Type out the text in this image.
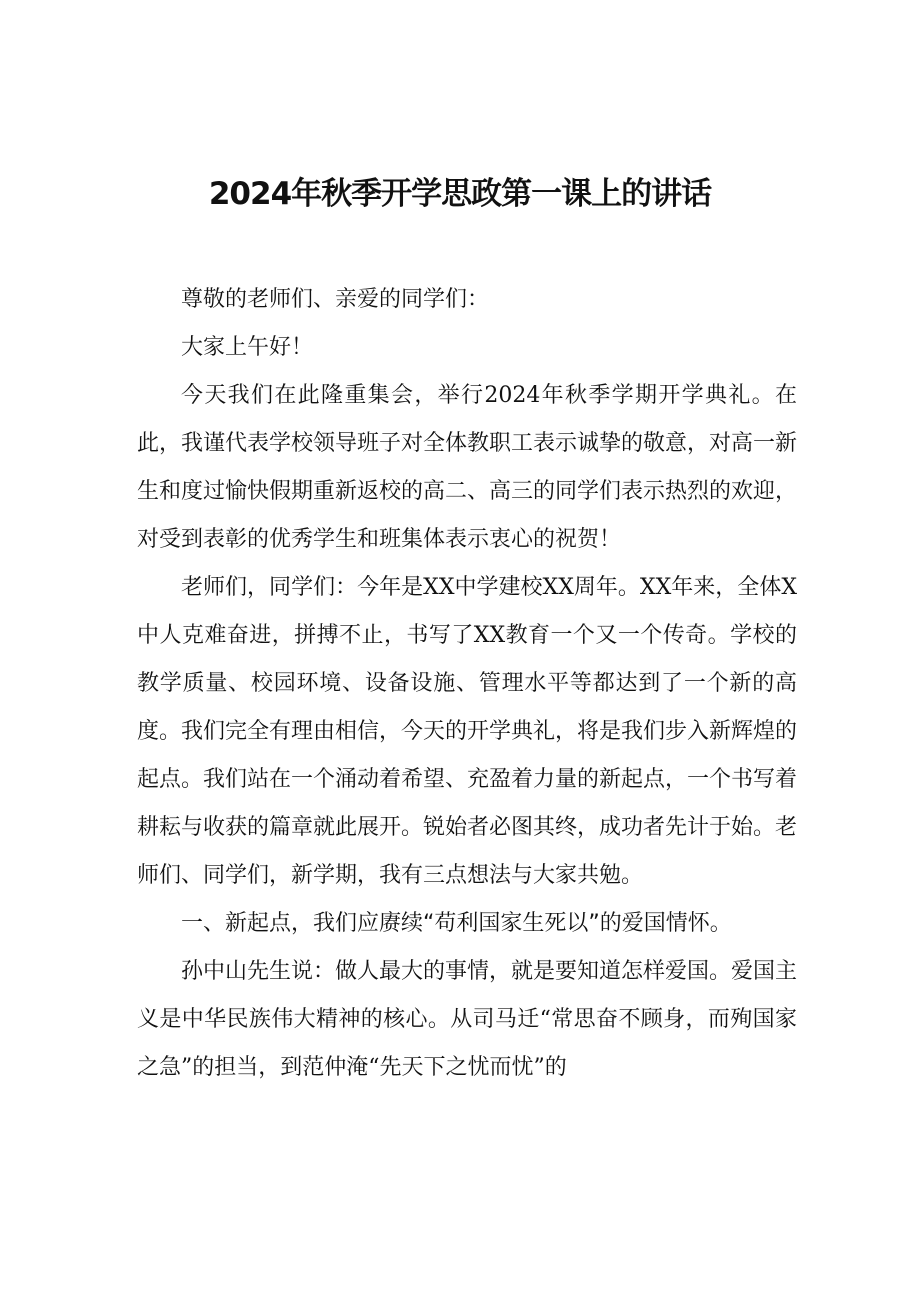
2024年秋季开学思政第一课上的讲话

尊敬的老师们、亲爱的同学们：

大家上午好！

今天我们在此隆重集会，举行2024年秋季学期开学典礼。在此，我谨代表学校领导班子对全体教职工表示诚挚的敬意，对高一新生和度过愉快假期重新返校的高二、高三的同学们表示热烈的欢迎，对受到表彰的优秀学生和班集体表示衷心的祝贺！

老师们，同学们：今年是XX中学建校XX周年。XX年来，全体X中人克难奋进，拼搏不止，书写了XX教育一个又一个传奇。学校的教学质量、校园环境、设备设施、管理水平等都达到了一个新的高度。我们完全有理由相信，今天的开学典礼，将是我们步入新辉煌的起点。我们站在一个涌动着希望、充盈着力量的新起点，一个书写着耕耘与收获的篇章就此展开。锐始者必图其终，成功者先计于始。老师们、同学们，新学期，我有三点想法与大家共勉。

一、新起点，我们应赓续“苟利国家生死以”的爱国情怀。

孙中山先生说：做人最大的事情，就是要知道怎样爱国。爱国主义是中华民族伟大精神的核心。从司马迁“常思奋不顾身，而殉国家之急”的担当，到范仲淹“先天下之忧而忧”的
